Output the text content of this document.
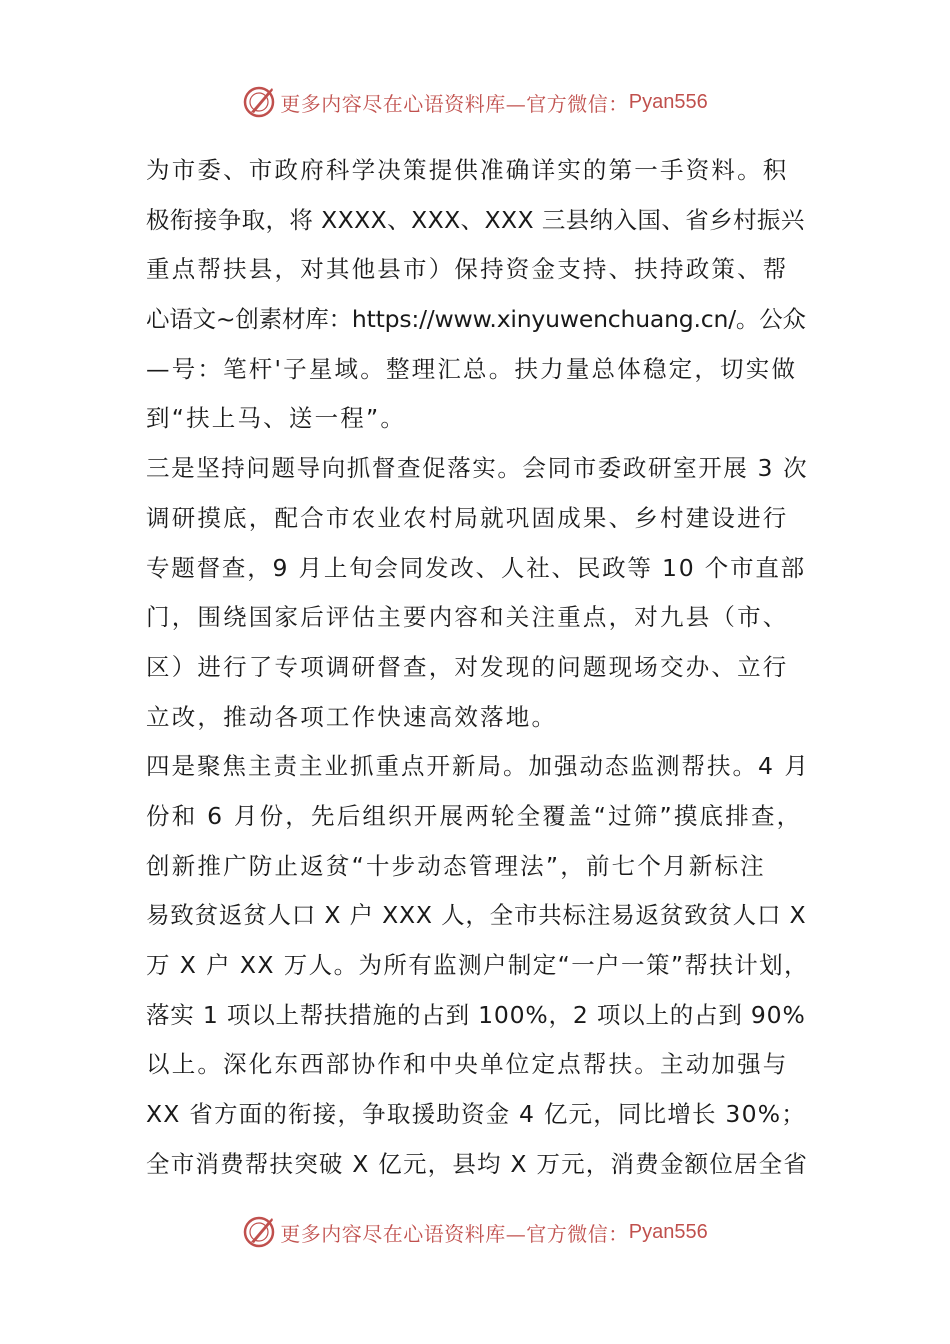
更多内容尽在心语资料库—官方微信： Pyan556
为市委、市政府科学决策提供准确详实的第一手资料。积
极衔接争取，将 XXXX、XXX、XXX 三县纳入国、省乡村振兴
重点帮扶县，对其他县市）保持资金支持、扶持政策、帮
心语文~创素材库：https://www.xinyuwenchuang.cn/。公众
—号：笔杆'子星域。整理汇总。扶力量总体稳定，切实做
到“扶上马、送一程”。
三是坚持问题导向抓督查促落实。会同市委政研室开展 3 次
调研摸底，配合市农业农村局就巩固成果、乡村建设进行
专题督查，9 月上旬会同发改、人社、民政等 10 个市直部
门，围绕国家后评估主要内容和关注重点，对九县（市、
区）进行了专项调研督查，对发现的问题现场交办、立行
立改，推动各项工作快速高效落地。
四是聚焦主责主业抓重点开新局。加强动态监测帮扶。4 月
份和 6 月份，先后组织开展两轮全覆盖“过筛”摸底排查，
创新推广防止返贫“十步动态管理法”，前七个月新标注
易致贫返贫人口 X 户 XXX 人，全市共标注易返贫致贫人口 X
万 X 户 XX 万人。为所有监测户制定“一户一策”帮扶计划，
落实 1 项以上帮扶措施的占到 100%，2 项以上的占到 90%
以上。深化东西部协作和中央单位定点帮扶。主动加强与
XX 省方面的衔接，争取援助资金 4 亿元，同比增长 30%；
全市消费帮扶突破 X 亿元，县均 X 万元，消费金额位居全省
更多内容尽在心语资料库—官方微信： Pyan556
